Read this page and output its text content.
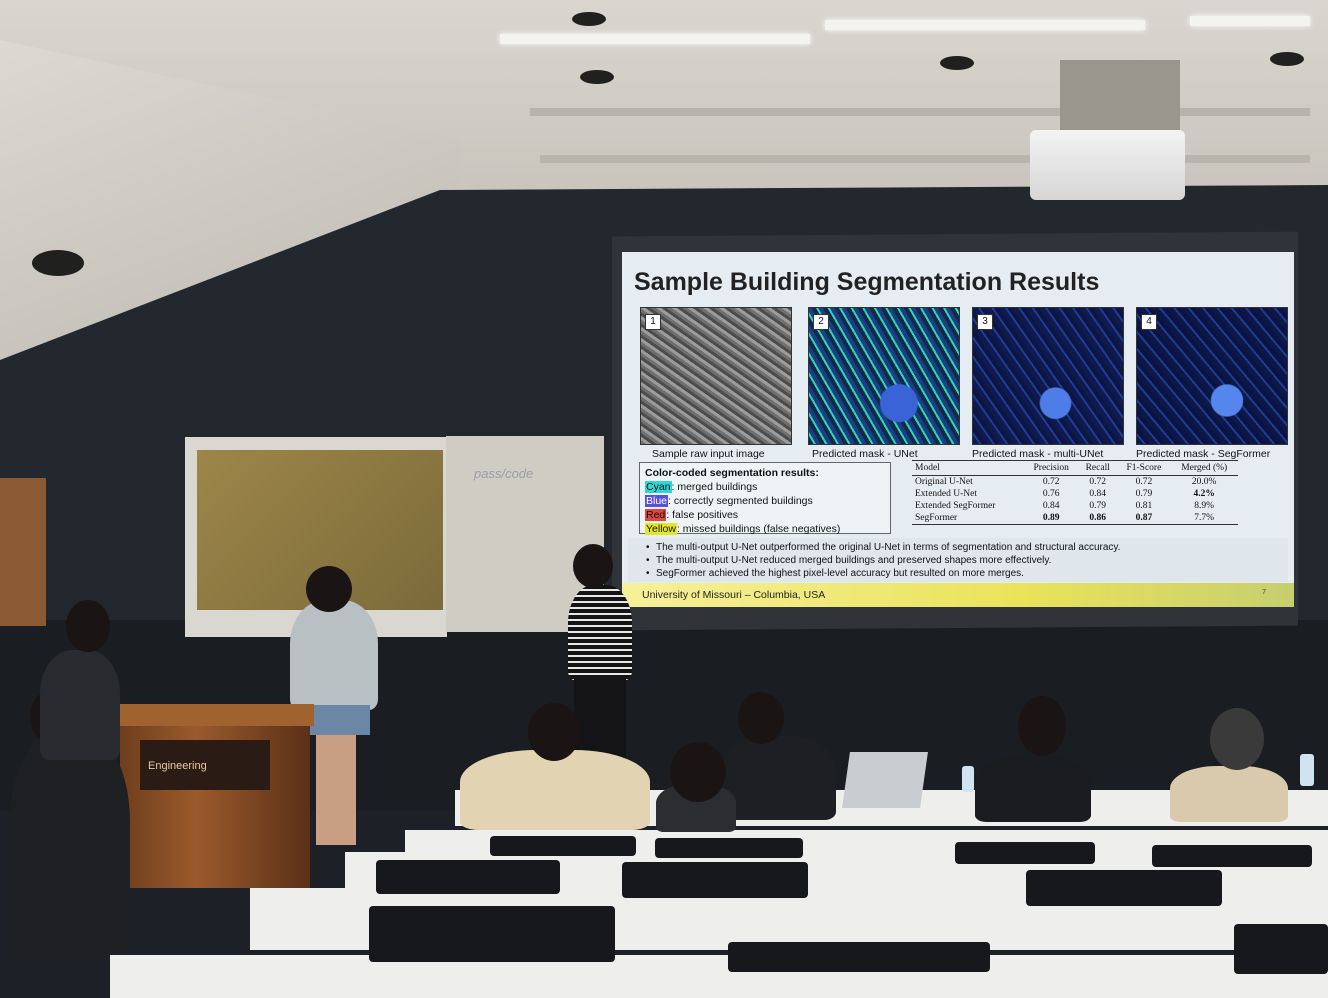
Sample Building Segmentation Results
1	2	3	4
Sample raw input image	Predicted mask - UNet	Predicted mask - multi-UNet	Predicted mask - SegFormer
Color-coded segmentation results:
Cyan: merged buildings
Blue: correctly segmented buildings
Red: false positives
Yellow: missed buildings (false negatives)
Model	Precision	Recall	F1-Score	Merged (%)
Original U-Net	0.72	0.72	0.72	20.0%
Extended U-Net	0.76	0.84	0.79	4.2%
Extended SegFormer	0.84	0.79	0.81	8.9%
SegFormer	0.89	0.86	0.87	7.7%
• The multi-output U-Net outperformed the original U-Net in terms of segmentation and structural accuracy.
• The multi-output U-Net reduced merged buildings and preserved shapes more effectively.
• SegFormer achieved the highest pixel-level accuracy but resulted on more merges.
University of Missouri – Columbia, USA	7
pass/code
Engineering
